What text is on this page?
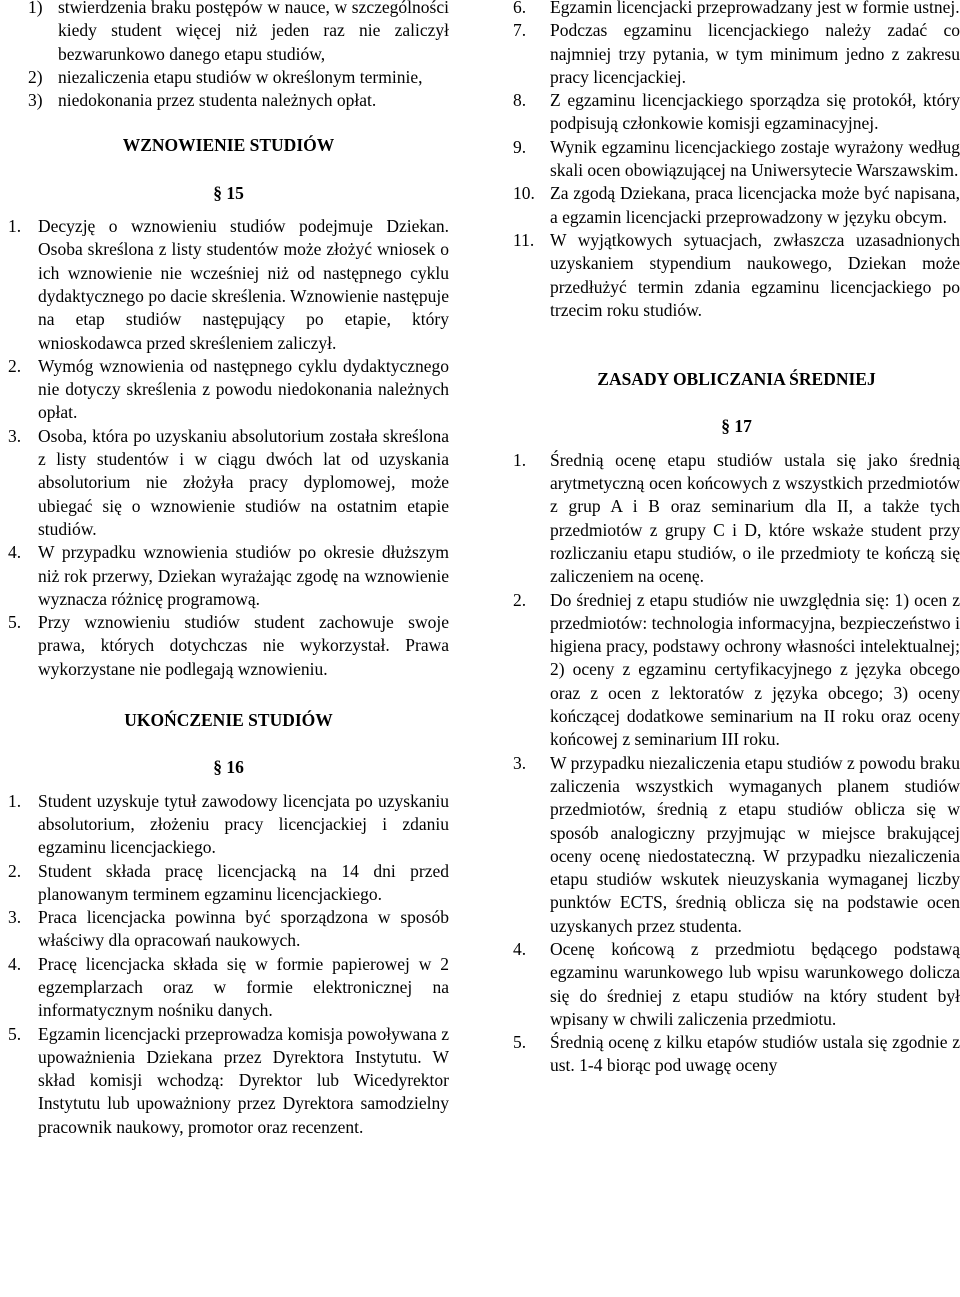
1) stwierdzenia braku postępów w nauce, w szczególności kiedy student więcej niż jeden raz nie zaliczył bezwarunkowo danego etapu studiów,
2) niezaliczenia etapu studiów w określonym terminie,
3) niedokonania przez studenta należnych opłat.
WZNOWIENIE STUDIÓW
§ 15

1. Decyzję o wznowieniu studiów podejmuje Dziekan. Osoba skreślona z listy studentów może złożyć wniosek o ich wznowienie nie wcześniej niż od następnego cyklu dydaktycznego po dacie skreślenia. Wznowienie następuje na etap studiów następujący po etapie, który wnioskodawca przed skreśleniem zaliczył.

2. Wymóg wznowienia od następnego cyklu dydaktycznego nie dotyczy skreślenia z powodu niedokonania należnych opłat.

3. Osoba, która po uzyskaniu absolutorium została skreślona z listy studentów i w ciągu dwóch lat od uzyskania absolutorium nie złożyła pracy dyplomowej, może ubiegać się o wznowienie studiów na ostatnim etapie studiów.

4. W przypadku wznowienia studiów po okresie dłuższym niż rok przerwy, Dziekan wyrażając zgodę na wznowienie wyznacza różnicę programową.

5. Przy wznowieniu studiów student zachowuje swoje prawa, których dotychczas nie wykorzystał. Prawa wykorzystane nie podlegają wznowieniu.

UKOŃCZENIE STUDIÓW
§ 16

1. Student uzyskuje tytuł zawodowy licencjata po uzyskaniu absolutorium, złożeniu pracy licencjackiej i zdaniu egzaminu licencjackiego.

2. Student składa pracę licencjacką na 14 dni przed planowanym terminem egzaminu licencjackiego.

3. Praca licencjacka powinna być sporządzona w sposób właściwy dla opracowań naukowych.

4. Pracę licencjacka składa się w formie papierowej w 2 egzemplarzach oraz w formie elektronicznej na informatycznym nośniku danych.

5. Egzamin licencjacki przeprowadza komisja powoływana z upoważnienia Dziekana przez Dyrektora Instytutu. W skład komisji wchodzą: Dyrektor lub Wicedyrektor Instytutu lub upoważniony przez Dyrektora samodzielny pracownik naukowy, promotor oraz recenzent.

6.	Egzamin licencjacki przeprowadzany jest w formie ustnej.
7.	Podczas egzaminu licencjackiego należy zadać co najmniej trzy pytania, w tym minimum jedno z zakresu pracy licencjackiej.
8.	Z egzaminu licencjackiego sporządza się protokół, który podpisują członkowie komisji egzaminacyjnej.
9.	Wynik egzaminu licencjackiego zostaje wyrażony według skali ocen obowiązującej na Uniwersytecie Warszawskim.
10. Za zgodą Dziekana, praca licencjacka może być napisana, a egzamin licencjacki przeprowadzony w języku obcym.
11. W wyjątkowych sytuacjach, zwłaszcza uzasadnionych uzyskaniem stypendium naukowego, Dziekan może przedłużyć termin zdania egzaminu licencjackiego po trzecim roku studiów.
ZASADY OBLICZANIA ŚREDNIEJ
§ 17
1.	Średnią ocenę etapu studiów ustala się jako średnią arytmetyczną ocen końcowych z wszystkich przedmiotów z grup A i B oraz seminarium dla II, a także tych przedmiotów z grupy C i D, które wskaże student przy rozliczaniu etapu studiów, o ile przedmioty te kończą się zaliczeniem na ocenę.
2.	Do średniej z etapu studiów nie uwzględnia się: 1) ocen z przedmiotów: technologia informacyjna, bezpieczeństwo i higiena pracy, podstawy ochrony własności intelektualnej; 2) oceny z egzaminu certyfikacyjnego z języka obcego oraz z ocen z lektoratów z języka obcego; 3) oceny kończącej dodatkowe seminarium na II roku oraz oceny końcowej z seminarium III roku.
3.	W przypadku niezaliczenia etapu studiów z powodu braku zaliczenia wszystkich wymaganych planem studiów przedmiotów, średnią z etapu studiów oblicza się w sposób analogiczny przyjmując w miejsce brakującej oceny ocenę niedostateczną. W przypadku niezaliczenia etapu studiów wskutek nieuzyskania wymaganej liczby punktów ECTS, średnią oblicza się na podstawie ocen uzyskanych przez studenta.
4.	Ocenę końcową z przedmiotu będącego podstawą egzaminu warunkowego lub wpisu warunkowego dolicza się do średniej z etapu studiów na który student był wpisany w chwili zaliczenia przedmiotu.
5.	Średnią ocenę z kilku etapów studiów ustala się zgodnie z ust. 1-4 biorąc pod uwagę oceny
